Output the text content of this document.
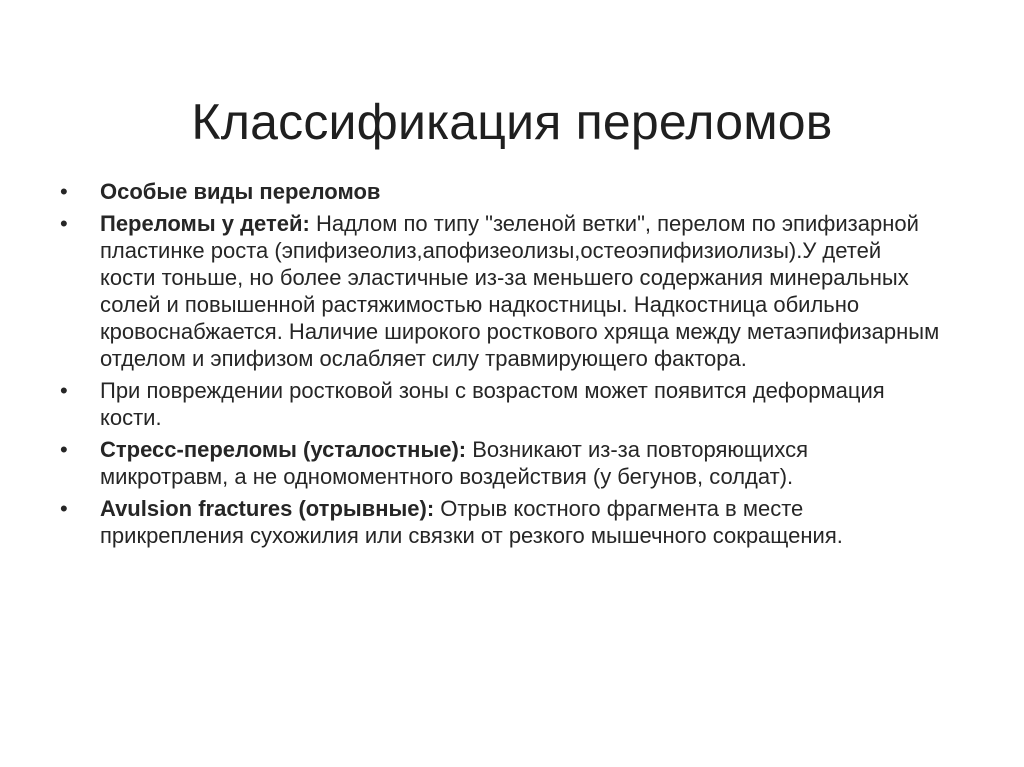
Классификация переломов
•	Особые виды переломов
•	Переломы у детей: Надлом по типу "зеленой ветки", перелом по эпифизарной пластинке роста (эпифизеолиз,апофизеолизы,остеоэпифизиолизы).У детей кости тоньше, но более эластичные из-за меньшего содержания минеральных солей и повышенной растяжимостью надкостницы. Надкостница обильно кровоснабжается. Наличие широкого росткового хряща между метаэпифизарным отделом и эпифизом ослабляет силу травмирующего фактора.
•	При повреждении ростковой зоны с возрастом может появится деформация кости.
•	Стресс-переломы (усталостные): Возникают из-за повторяющихся микротравм, а не одномоментного воздействия (у бегунов, солдат).
•	Avulsion fractures (отрывные): Отрыв костного фрагмента в месте прикрепления сухожилия или связки от резкого мышечного сокращения.
